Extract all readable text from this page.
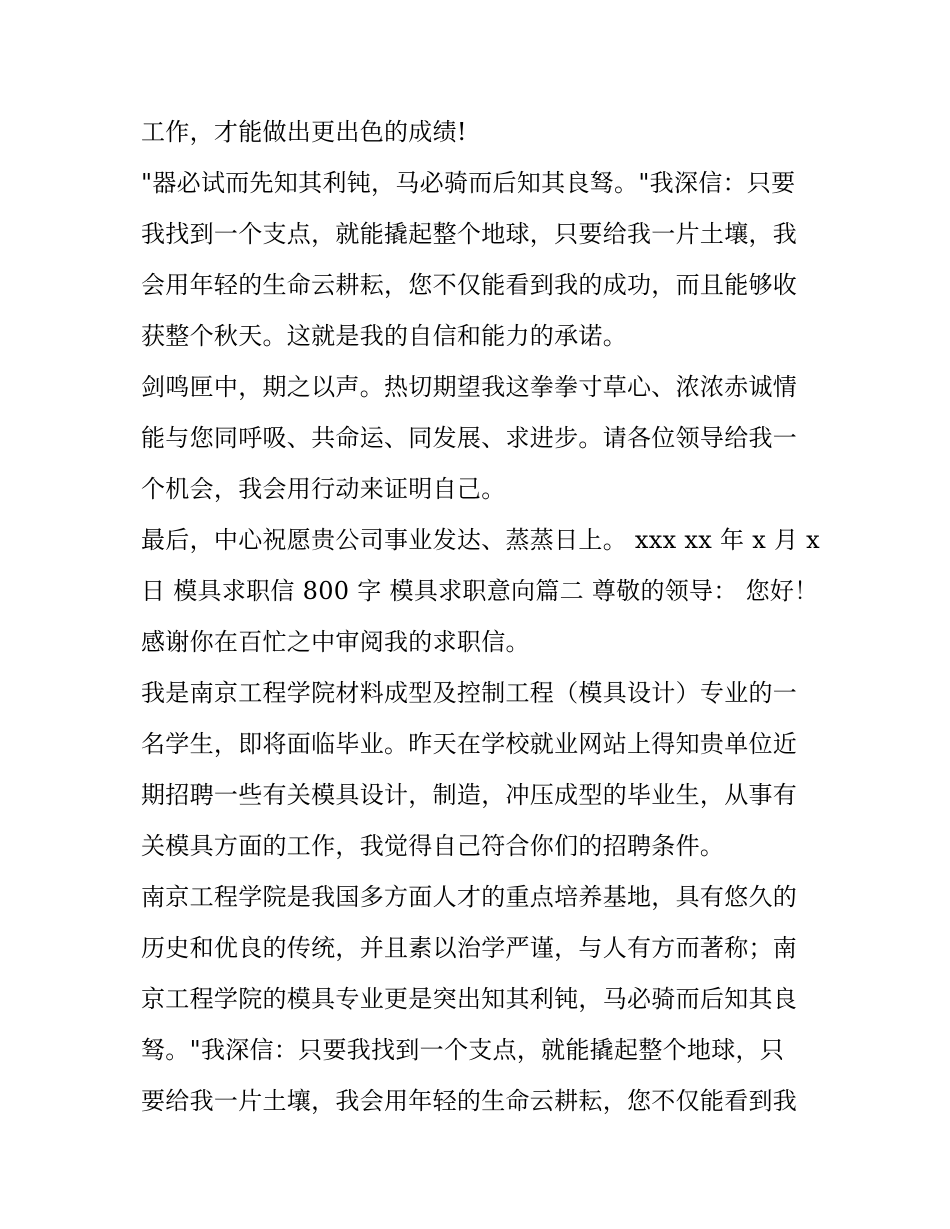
工作，才能做出更出色的成绩!
"器必试而先知其利钝，马必骑而后知其良驽。"我深信：只要
我找到一个支点，就能撬起整个地球，只要给我一片土壤，我
会用年轻的生命云耕耘，您不仅能看到我的成功，而且能够收
获整个秋天。这就是我的自信和能力的承诺。
剑鸣匣中，期之以声。热切期望我这拳拳寸草心、浓浓赤诚情
能与您同呼吸、共命运、同发展、求进步。请各位领导给我一
个机会，我会用行动来证明自己。
最后，中心祝愿贵公司事业发达、蒸蒸日上。 xxx xx 年 x 月 x
日 模具求职信 800 字 模具求职意向篇二 尊敬的领导： 您好！
感谢你在百忙之中审阅我的求职信。
我是南京工程学院材料成型及控制工程（模具设计）专业的一
名学生，即将面临毕业。昨天在学校就业网站上得知贵单位近
期招聘一些有关模具设计，制造，冲压成型的毕业生，从事有
关模具方面的工作，我觉得自己符合你们的招聘条件。
南京工程学院是我国多方面人才的重点培养基地，具有悠久的
历史和优良的传统，并且素以治学严谨，与人有方而著称；南
京工程学院的模具专业更是突出知其利钝，马必骑而后知其良
驽。"我深信：只要我找到一个支点，就能撬起整个地球，只
要给我一片土壤，我会用年轻的生命云耕耘，您不仅能看到我
